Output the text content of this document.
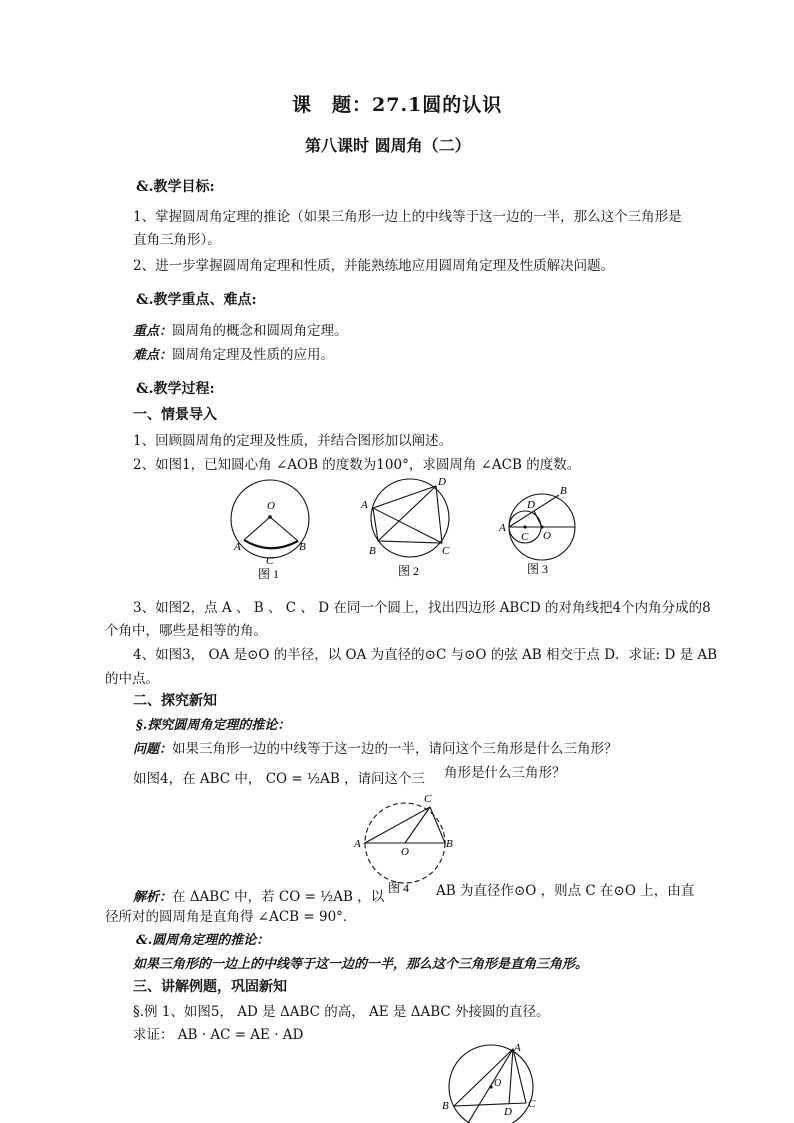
课　题：27.1圆的认识
第八课时 圆周角（二）
&.教学目标:
1、掌握圆周角定理的推论（如果三角形一边上的中线等于这一边的一半，那么这个三角形是
直角三角形）。
2、进一步掌握圆周角定理和性质，并能熟练地应用圆周角定理及性质解决问题。
&.教学重点、难点:
重点：圆周角的概念和圆周角定理。
难点：圆周角定理及性质的应用。
&.教学过程:
一、情景导入
1、回顾圆周角的定理及性质，并结合图形加以阐述。
2、如图1，已知圆心角 ∠AOB 的度数为100°，求圆周角 ∠ACB 的度数。
O
A	B
C
图 1
A
B	C
D
图 2
A
B
C
D
O
图 3
3、如图2，点 A 、 B 、 C 、 D 在同一个圆上，找出四边形 ABCD 的对角线把4个内角分成的8
个角中，哪些是相等的角。
4、如图3， OA 是⊙O 的半径，以 OA 为直径的⊙C 与⊙O 的弦 AB 相交于点 D．求证: D 是 AB
的中点。
二、探究新知
§.探究圆周角定理的推论：
问题：如果三角形一边的中线等于这一边的一半，请问这个三角形是什么三角形？
如图4，在 ABC 中， CO = ½AB ，请问这个三 角形是什么三角形？
A	B
C
O
图 4
解析：在 ΔABC 中，若 CO = ½AB ，以	AB 为直径作⊙O ，则点 C 在⊙O 上，由直
径所对的圆周角是直角得 ∠ACB = 90°．
&.圆周角定理的推论：
如果三角形的一边上的中线等于这一边的一半，那么这个三角形是直角三角形。
三、讲解例题，巩固新知
§.例 1、如图5， AD 是 ΔABC 的高， AE 是 ΔABC 外接圆的直径。
求证： AB · AC = AE · AD
A
B	C
D
O
